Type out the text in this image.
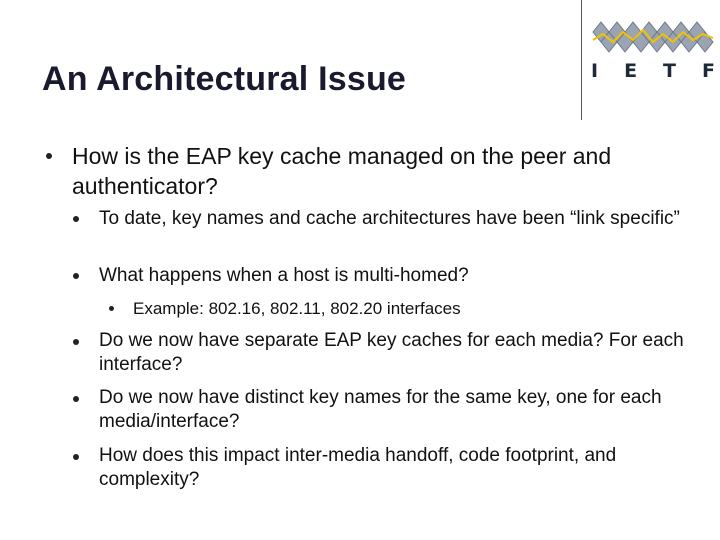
An Architectural Issue	I E T F
How is the EAP key cache managed on the peer and authenticator?
To date, key names and cache architectures have been “link specific”
What happens when a host is multi-homed?
Example: 802.16, 802.11, 802.20 interfaces
Do we now have separate EAP key caches for each media? For each interface?
Do we now have distinct key names for the same key, one for each media/interface?
How does this impact inter-media handoff, code footprint, and complexity?
